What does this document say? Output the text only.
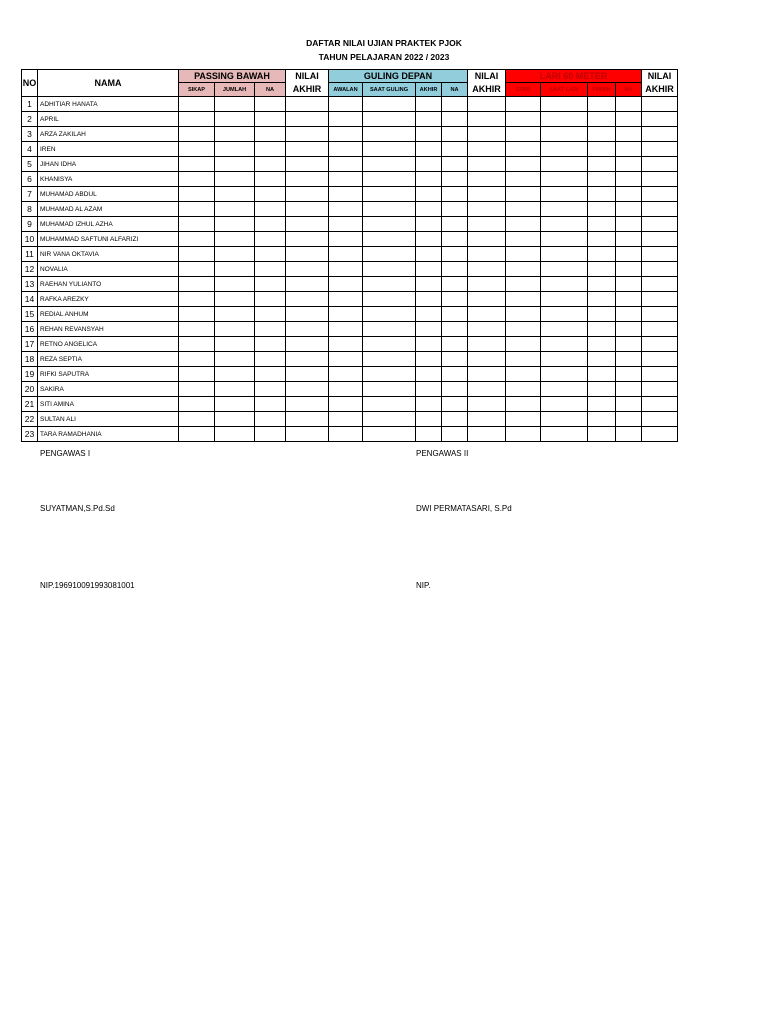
DAFTAR NILAI UJIAN PRAKTEK PJOK
TAHUN PELAJARAN 2022 / 2023
NO	NAMA	PASSING BAWAH			NILAI	GULING DEPAN				NILAI	LARI 60 METER				NILAI
		SIKAP	JUMLAH	NA	AKHIR	AWALAN	SAAT GULING	AKHIR	NA	AKHIR	STAR	SAAT LARI	FINISH	NA	AKHIR
1	ADHITIAR HANATA														
2	APRIL														
3	ARZA ZAKILAH														
4	IREN														
5	JIHAN IDHA														
6	KHANISYA														
7	MUHAMAD ABDUL														
8	MUHAMAD AL AZAM														
9	MUHAMAD IZHUL AZHA														
10	MUHAMMAD SAFTUNI ALFARIZI														
11	NIR VANA OKTAVIA														
12	NOVALIA														
13	RAEHAN YULIANTO														
14	RAFKA AREZKY														
15	REDIAL ANHUM														
16	REHAN REVANSYAH														
17	RETNO ANGELICA														
18	REZA SEPTIA														
19	RIFKI SAPUTRA														
20	SAKIRA														
21	SITI AMINA														
22	SULTAN ALI														
23	TARA RAMADHANIA														
PENGAWAS I
SUYATMAN,S.Pd.Sd
NIP.196910091993081001
PENGAWAS II
DWI PERMATASARI, S.Pd
NIP.
